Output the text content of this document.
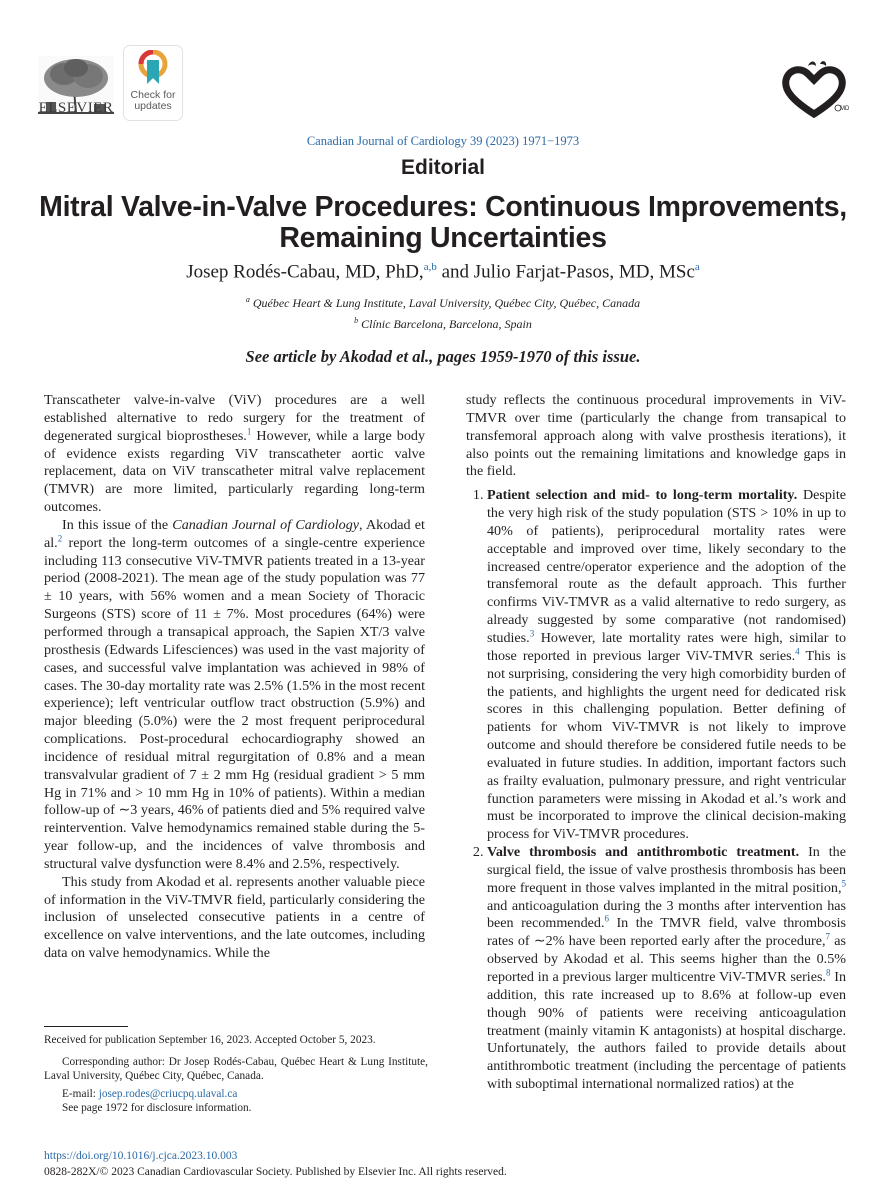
ELSEVIER
Check for updates	MD
Canadian Journal of Cardiology 39 (2023) 1971−1973
Editorial
Mitral Valve-in-Valve Procedures: Continuous Improvements, Remaining Uncertainties
Josep Rodés-Cabau, MD, PhD,$^{a,b}$ and Julio Farjat-Pasos, MD, MSc$^a$
$^a$ Québec Heart & Lung Institute, Laval University, Québec City, Québec, Canada
$^b$ Clínic Barcelona, Barcelona, Spain
See article by Akodad et al., pages 1959-1970 of this issue.

Transcatheter valve-in-valve (ViV) procedures are a well established alternative to redo surgery for the treatment of degenerated surgical bioprostheses.$^1$ However, while a large body of evidence exists regarding ViV transcatheter aortic valve replacement, data on ViV transcatheter mitral valve replacement (TMVR) are more limited, particularly regarding long-term outcomes.

In this issue of the Canadian Journal of Cardiology, Akodad et al.$^2$ report the long-term outcomes of a single-centre experience including 113 consecutive ViV-TMVR patients treated in a 13-year period (2008-2021). The mean age of the study population was 77 ± 10 years, with 56% women and a mean Society of Thoracic Surgeons (STS) score of 11 ± 7%. Most procedures (64%) were performed through a transapical approach, the Sapien XT/3 valve prosthesis (Edwards Lifesciences) was used in the vast majority of cases, and successful valve implantation was achieved in 98% of cases. The 30-day mortality rate was 2.5% (1.5% in the most recent experience); left ventricular outflow tract obstruction (5.9%) and major bleeding (5.0%) were the 2 most frequent periprocedural complications. Post-procedural echocardiography showed an incidence of residual mitral regurgitation of 0.8% and a mean transvalvular gradient of 7 ± 2 mm Hg (residual gradient > 5 mm Hg in 71% and > 10 mm Hg in 10% of patients). Within a median follow-up of ∼3 years, 46% of patients died and 5% required valve reintervention. Valve hemodynamics remained stable during the 5-year follow-up, and the incidences of valve thrombosis and structural valve dysfunction were 8.4% and 2.5%, respectively.

This study from Akodad et al. represents another valuable piece of information in the ViV-TMVR field, particularly considering the inclusion of unselected consecutive patients in a centre of excellence on valve interventions, and the late outcomes, including data on valve hemodynamics. While the

study reflects the continuous procedural improvements in ViV-TMVR over time (particularly the change from transapical to transfemoral approach along with valve prosthesis iterations), it also points out the remaining limitations and knowledge gaps in the field.

1. Patient selection and mid- to long-term mortality. Despite the very high risk of the study population (STS > 10% in up to 40% of patients), periprocedural mortality rates were acceptable and improved over time, likely secondary to the increased centre/operator experience and the adoption of the transfemoral route as the default approach. This further confirms ViV-TMVR as a valid alternative to redo surgery, as already suggested by some comparative (not randomised) studies.$^3$ However, late mortality rates were high, similar to those reported in previous larger ViV-TMVR series.$^4$ This is not surprising, considering the very high comorbidity burden of the patients, and highlights the urgent need for dedicated risk scores in this challenging population. Better defining of patients for whom ViV-TMVR is not likely to improve outcome and should therefore be considered futile needs to be evaluated in future studies. In addition, important factors such as frailty evaluation, pulmonary pressure, and right ventricular function parameters were missing in Akodad et al.’s work and must be incorporated to improve the clinical decision-making process for ViV-TMVR procedures.
2. Valve thrombosis and antithrombotic treatment. In the surgical field, the issue of valve prosthesis thrombosis has been more frequent in those valves implanted in the mitral position,$^5$ and anticoagulation during the 3 months after intervention has been recommended.$^6$ In the TMVR field, valve thrombosis rates of ∼2% have been reported early after the procedure,$^7$ as observed by Akodad et al. This seems higher than the 0.5% reported in a previous larger multicentre ViV-TMVR series.$^8$ In addition, this rate increased up to 8.6% at follow-up even though 90% of patients were receiving anticoagulation treatment (mainly vitamin K antagonists) at hospital discharge. Unfortunately, the authors failed to provide details about antithrombotic treatment (including the percentage of patients with suboptimal international normalized ratios) at the
Received for publication September 16, 2023. Accepted October 5, 2023.
Corresponding author: Dr Josep Rodés-Cabau, Québec Heart & Lung Institute, Laval University, Québec City, Québec, Canada.
E-mail: josep.rodes@criucpq.ulaval.ca
See page 1972 for disclosure information.
https://doi.org/10.1016/j.cjca.2023.10.003
0828-282X/© 2023 Canadian Cardiovascular Society. Published by Elsevier Inc. All rights reserved.
